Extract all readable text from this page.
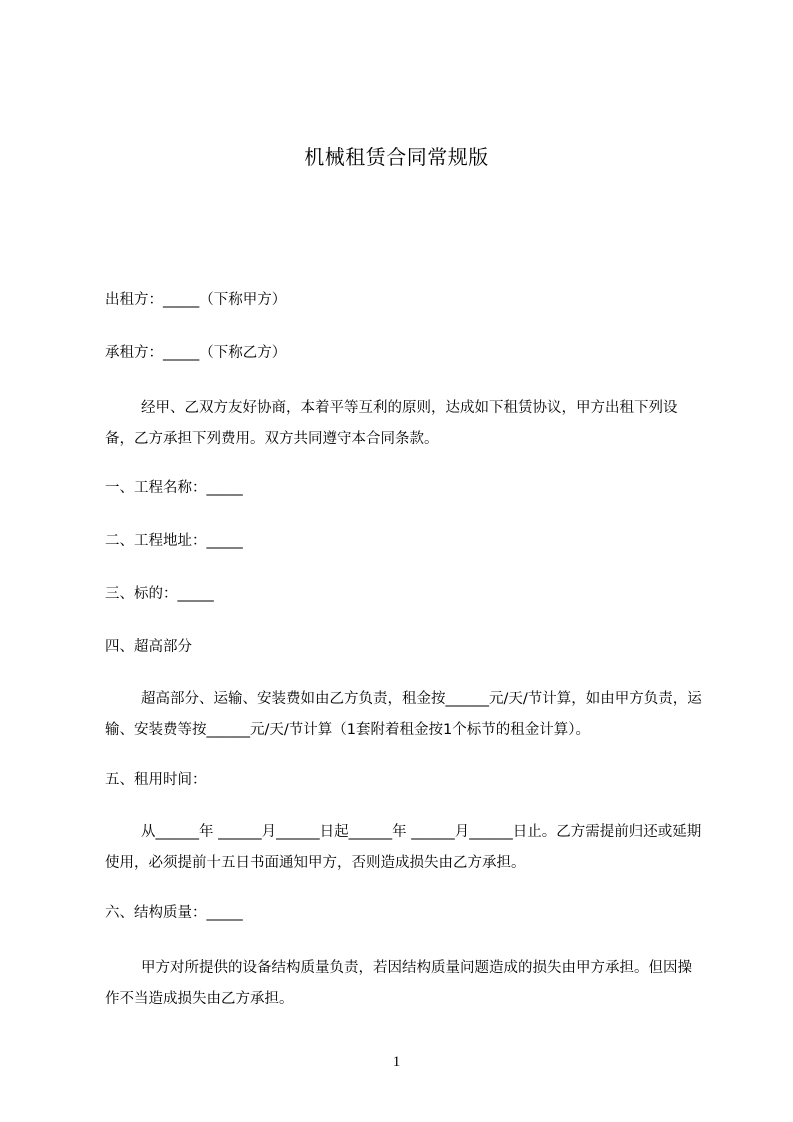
机械租赁合同常规版
出租方：_____（下称甲方）
承租方：_____（下称乙方）
经甲、乙双方友好协商，本着平等互利的原则，达成如下租赁协议，甲方出租下列设备，乙方承担下列费用。双方共同遵守本合同条款。
一、工程名称：_____
二、工程地址：_____
三、标的：_____
四、超高部分
超高部分、运输、安装费如由乙方负责，租金按______元/天/节计算，如由甲方负责，运输、安装费等按______元/天/节计算（1套附着租金按1个标节的租金计算）。
五、租用时间：
从______年 ______月______日起______年 ______月______日止。乙方需提前归还或延期使用，必须提前十五日书面通知甲方，否则造成损失由乙方承担。
六、结构质量：_____
甲方对所提供的设备结构质量负责，若因结构质量问题造成的损失由甲方承担。但因操作不当造成损失由乙方承担。
1
